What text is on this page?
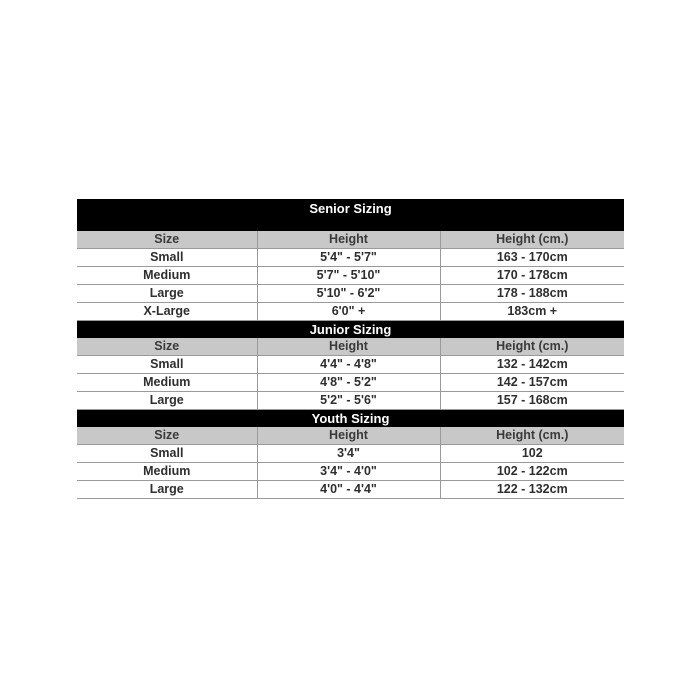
Senior Sizing		
Size	Height	Height (cm.)
Small	5'4" - 5'7"	163 - 170cm
Medium	5'7" - 5'10"	170 - 178cm
Large	5'10" - 6'2"	178 - 188cm
X-Large	6'0" +	183cm +
Junior Sizing		
Size	Height	Height (cm.)
Small	4'4" - 4'8"	132 - 142cm
Medium	4'8" - 5'2"	142 - 157cm
Large	5'2" - 5'6"	157 - 168cm
Youth Sizing		
Size	Height	Height (cm.)
Small	3'4"	102
Medium	3'4" - 4'0"	102 - 122cm
Large	4'0" - 4'4"	122 - 132cm
